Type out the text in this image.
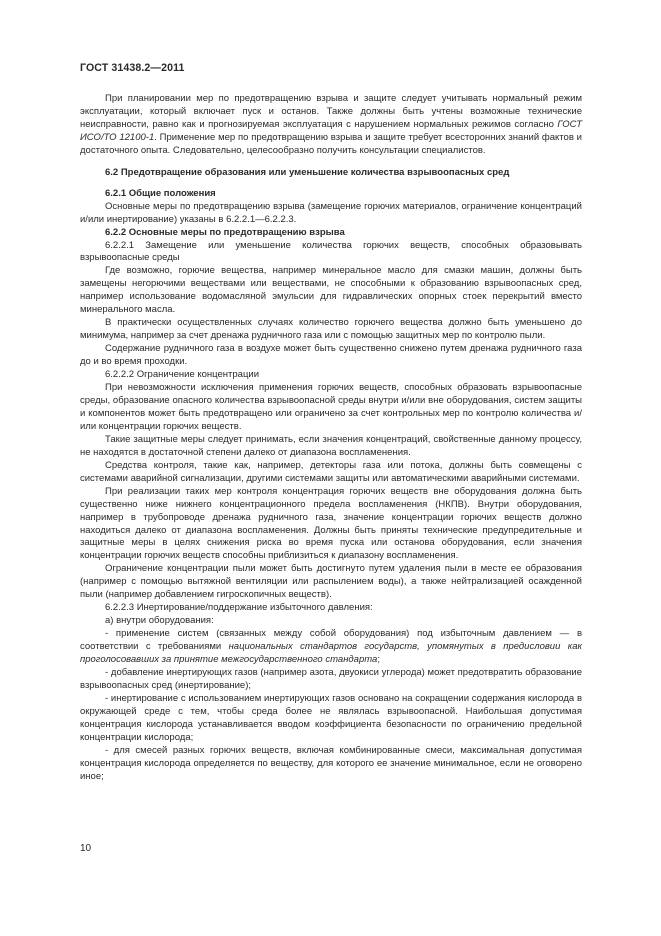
ГОСТ 31438.2—2011

При планировании мер по предотвращению взрыва и защите следует учитывать нормальный режим эксплуатации, который включает пуск и останов. Также должны быть учтены возможные технические неисправности, равно как и прогнозируемая эксплуатация с нарушением нормальных режимов согласно ГОСТ ИСО/ТО 12100-1. Применение мер по предотвращению взрыва и защите требует всесторонних знаний фактов и достаточного опыта. Следовательно, целесообразно получить консультации специалистов.

6.2 Предотвращение образования или уменьшение количества взрывоопасных сред

6.2.1 Общие положения

Основные меры по предотвращению взрыва (замещение горючих материалов, ограничение концентраций и/или инертирование) указаны в 6.2.2.1—6.2.2.3.

6.2.2 Основные меры по предотвращению взрыва

6.2.2.1 Замещение или уменьшение количества горючих веществ, способных образовывать взрывоопасные среды

Где возможно, горючие вещества, например минеральное масло для смазки машин, должны быть замещены негорючими веществами или веществами, не способными к образованию взрывоопасных сред, например использование водомасляной эмульсии для гидравлических опорных стоек перекрытий вместо минерального масла.

В практически осуществленных случаях количество горючего вещества должно быть уменьшено до минимума, например за счет дренажа рудничного газа или с помощью защитных мер по контролю пыли.

Содержание рудничного газа в воздухе может быть существенно снижено путем дренажа рудничного газа до и во время проходки.

6.2.2.2 Ограничение концентрации

При невозможности исключения применения горючих веществ, способных образовать взрывоопасные среды, образование опасного количества взрывоопасной среды внутри и/или вне оборудования, систем защиты и компонентов может быть предотвращено или ограничено за счет контрольных мер по контролю количества и/или концентрации горючих веществ.

Такие защитные меры следует принимать, если значения концентраций, свойственные данному процессу, не находятся в достаточной степени далеко от диапазона воспламенения.

Средства контроля, такие как, например, детекторы газа или потока, должны быть совмещены с системами аварийной сигнализации, другими системами защиты или автоматическими аварийными системами.

При реализации таких мер контроля концентрация горючих веществ вне оборудования должна быть существенно ниже нижнего концентрационного предела воспламенения (НКПВ). Внутри оборудования, например в трубопроводе дренажа рудничного газа, значение концентрации горючих веществ должно находиться далеко от диапазона воспламенения. Должны быть приняты технические предупредительные и защитные меры в целях снижения риска во время пуска или останова оборудования, если значения концентрации горючих веществ способны приблизиться к диапазону воспламенения.

Ограничение концентрации пыли может быть достигнуто путем удаления пыли в месте ее образования (например с помощью вытяжной вентиляции или распылением воды), а также нейтрализацией осажденной пыли (например добавлением гигроскопичных веществ).

6.2.2.3 Инертирование/поддержание избыточного давления:

а) внутри оборудования:

- применение систем (связанных между собой оборудования) под избыточным давлением — в соответствии с требованиями национальных стандартов государств, упомянутых в предисловии как проголосовавших за принятие межгосударственного стандарта;

- добавление инертирующих газов (например азота, двуокиси углерода) может предотвратить образование взрывоопасных сред (инертирование);

- инертирование с использованием инертирующих газов основано на сокращении содержания кислорода в окружающей среде с тем, чтобы среда более не являлась взрывоопасной. Наибольшая допустимая концентрация кислорода устанавливается вводом коэффициента безопасности по ограничению предельной концентрации кислорода;

- для смесей разных горючих веществ, включая комбинированные смеси, максимальная допустимая концентрация кислорода определяется по веществу, для которого ее значение минимальное, если не оговорено иное;

10
